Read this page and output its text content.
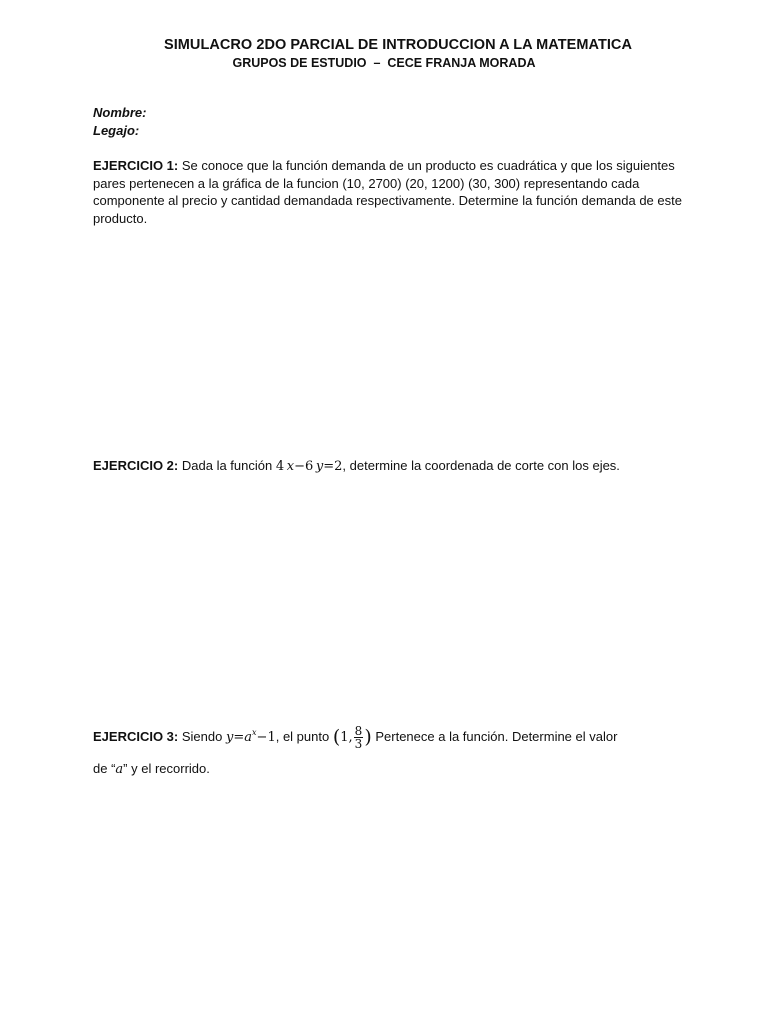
SIMULACRO 2DO PARCIAL DE INTRODUCCION A LA MATEMATICA
GRUPOS DE ESTUDIO  –  CECE FRANJA MORADA
Nombre:
Legajo:
EJERCICIO 1: Se conoce que la función demanda de un producto es cuadrática y que los siguientes pares pertenecen a la gráfica de la funcion (10, 2700) (20, 1200) (30, 300) representando cada componente al precio y cantidad demandada respectivamente. Determine la función demanda de este producto.
EJERCICIO 2: Dada la función 4  x−6  y=2, determine la coordenada de corte con los ejes.
EJERCICIO 3: Siendo $y=a^x-1$, el punto (1, $\frac{8}{3}$ ) Pertenece a la función. Determine el valor
de “a” y el recorrido.
